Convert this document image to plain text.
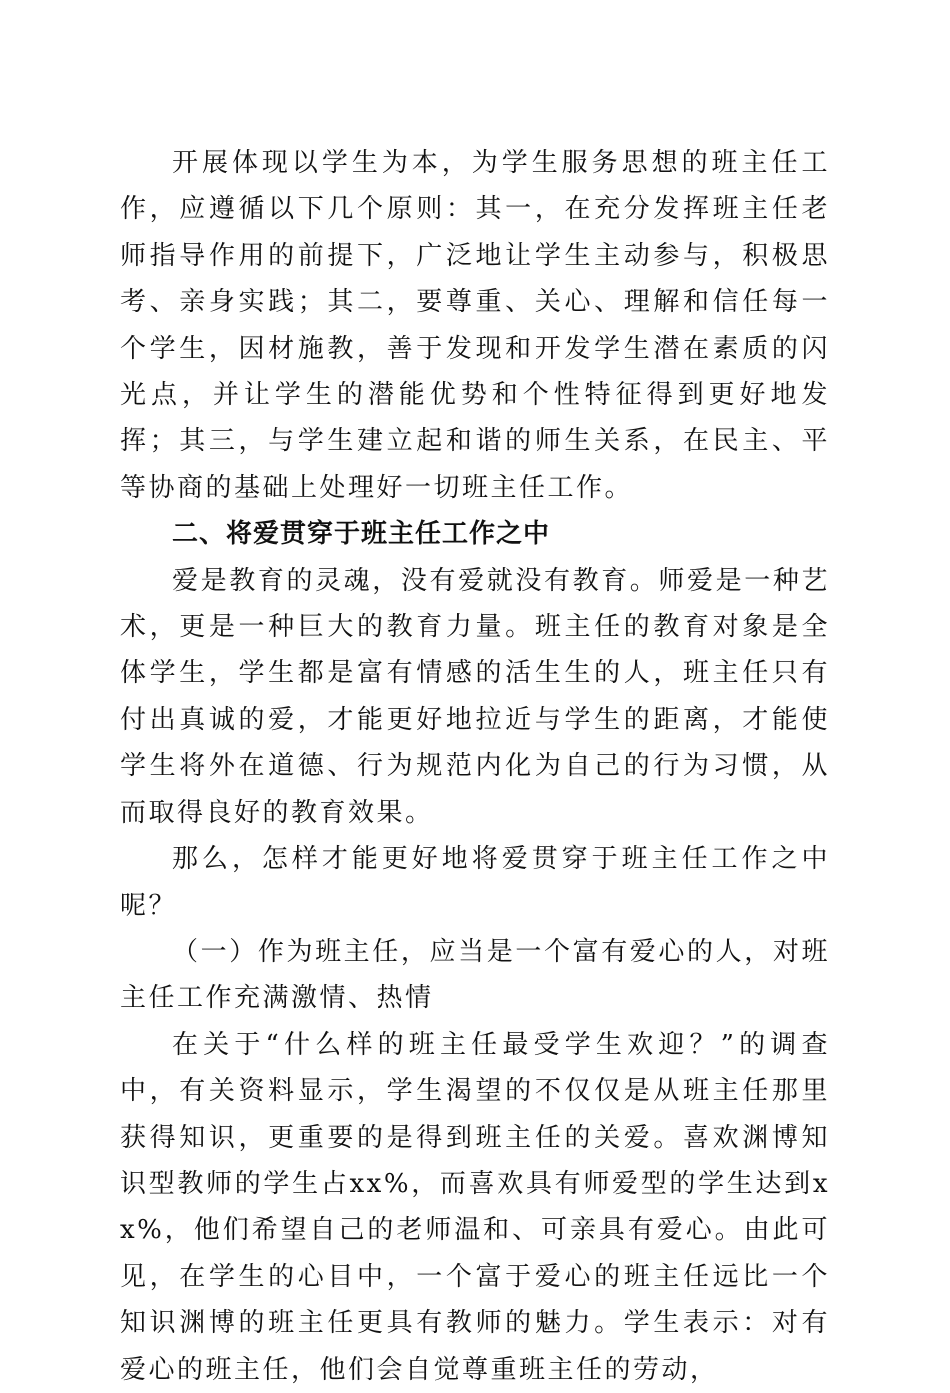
开展体现以学生为本，为学生服务思想的班主任工作，应遵循以下几个原则：其一，在充分发挥班主任老师指导作用的前提下，广泛地让学生主动参与，积极思考、亲身实践；其二，要尊重、关心、理解和信任每一个学生，因材施教，善于发现和开发学生潜在素质的闪光点，并让学生的潜能优势和个性特征得到更好地发挥；其三，与学生建立起和谐的师生关系，在民主、平等协商的基础上处理好一切班主任工作。

二、将爱贯穿于班主任工作之中

爱是教育的灵魂，没有爱就没有教育。师爱是一种艺术，更是一种巨大的教育力量。班主任的教育对象是全体学生，学生都是富有情感的活生生的人，班主任只有付出真诚的爱，才能更好地拉近与学生的距离，才能使学生将外在道德、行为规范内化为自己的行为习惯，从而取得良好的教育效果。

那么，怎样才能更好地将爱贯穿于班主任工作之中呢？

（一）作为班主任，应当是一个富有爱心的人，对班主任工作充满激情、热情

在关于“什么样的班主任最受学生欢迎？”的调查中，有关资料显示，学生渴望的不仅仅是从班主任那里获得知识，更重要的是得到班主任的关爱。喜欢渊博知识型教师的学生占xx%，而喜欢具有师爱型的学生达到xx%，他们希望自己的老师温和、可亲具有爱心。由此可见，在学生的心目中，一个富于爱心的班主任远比一个知识渊博的班主任更具有教师的魅力。学生表示：对有爱心的班主任，他们会自觉尊重班主任的劳动，
